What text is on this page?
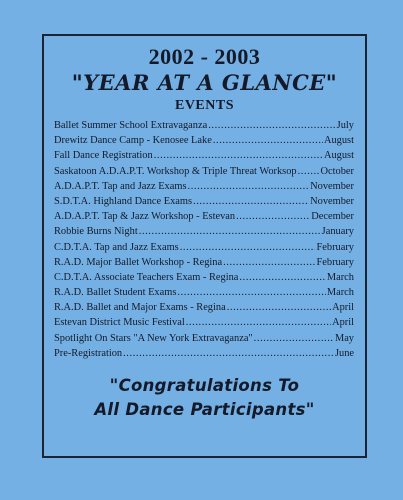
2002 - 2003
"YEAR AT A GLANCE"
EVENTS
Ballet Summer School Extravaganza .....	July
Drewitz Dance Camp - Kenosee Lake .....	August
Fall Dance Registration .....	August
Saskatoon A.D.A.P.T. Workshop & Triple Threat Worksop ..... October
A.D.A.P.T. Tap and Jazz Exams .....	November
S.D.T.A. Highland Dance Exams .....	November
A.D.A.P.T. Tap & Jazz Workshop - Estevan .....	December
Robbie Burns Night .....	January
C.D.T.A. Tap and Jazz Exams .....	February
R.A.D. Major Ballet Workshop - Regina .....	February
C.D.T.A. Associate Teachers Exam - Regina .....	March
R.A.D. Ballet Student Exams .....	March
R.A.D. Ballet and Major Exams - Regina .....	April
Estevan District Music Festival .....	April
Spotlight On Stars "A New York Extravaganza" .....	May
Pre-Registration .....	June
"Congratulations To
All Dance Participants"
